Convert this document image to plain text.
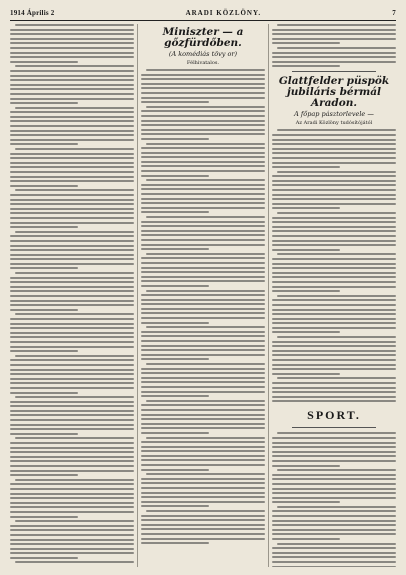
1914 Április 2	ARADI KÖZLÖNY.	7
Miniszter — a gőzfürdőben.
(A komédiás tövy or)
Félhivatalos.
Glattfelder püspök jubiláris bérmál Aradon.
A főpap pásztorlevele —
Az Aradi Közlöny tudósítójától
SPORT.
